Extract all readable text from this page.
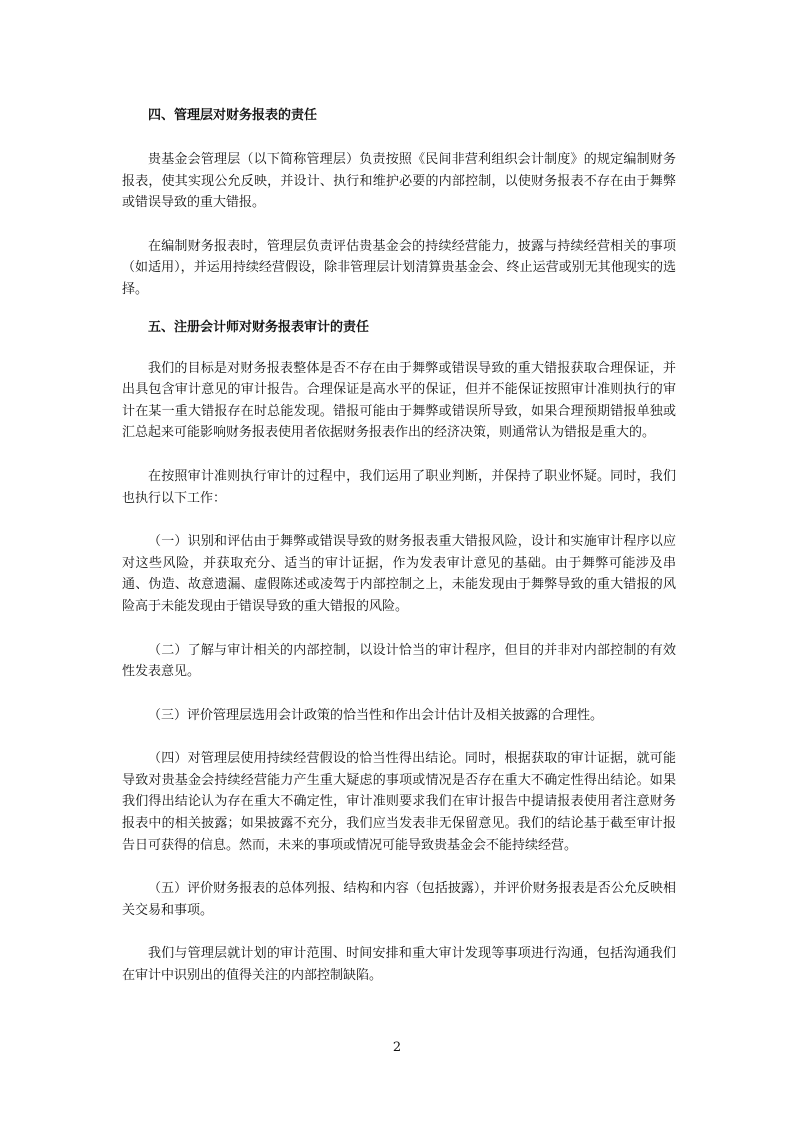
四、管理层对财务报表的责任

贵基金会管理层（以下简称管理层）负责按照《民间非营利组织会计制度》的规定编制财务报表，使其实现公允反映，并设计、执行和维护必要的内部控制，以使财务报表不存在由于舞弊或错误导致的重大错报。

在编制财务报表时，管理层负责评估贵基金会的持续经营能力，披露与持续经营相关的事项（如适用），并运用持续经营假设，除非管理层计划清算贵基金会、终止运营或别无其他现实的选择。

五、注册会计师对财务报表审计的责任

我们的目标是对财务报表整体是否不存在由于舞弊或错误导致的重大错报获取合理保证，并出具包含审计意见的审计报告。合理保证是高水平的保证，但并不能保证按照审计准则执行的审计在某一重大错报存在时总能发现。错报可能由于舞弊或错误所导致，如果合理预期错报单独或汇总起来可能影响财务报表使用者依据财务报表作出的经济决策，则通常认为错报是重大的。

在按照审计准则执行审计的过程中，我们运用了职业判断，并保持了职业怀疑。同时，我们也执行以下工作：

（一）识别和评估由于舞弊或错误导致的财务报表重大错报风险，设计和实施审计程序以应对这些风险，并获取充分、适当的审计证据，作为发表审计意见的基础。由于舞弊可能涉及串通、伪造、故意遗漏、虚假陈述或凌驾于内部控制之上，未能发现由于舞弊导致的重大错报的风险高于未能发现由于错误导致的重大错报的风险。

（二）了解与审计相关的内部控制，以设计恰当的审计程序，但目的并非对内部控制的有效性发表意见。

（三）评价管理层选用会计政策的恰当性和作出会计估计及相关披露的合理性。

（四）对管理层使用持续经营假设的恰当性得出结论。同时，根据获取的审计证据，就可能导致对贵基金会持续经营能力产生重大疑虑的事项或情况是否存在重大不确定性得出结论。如果我们得出结论认为存在重大不确定性，审计准则要求我们在审计报告中提请报表使用者注意财务报表中的相关披露；如果披露不充分，我们应当发表非无保留意见。我们的结论基于截至审计报告日可获得的信息。然而，未来的事项或情况可能导致贵基金会不能持续经营。

（五）评价财务报表的总体列报、结构和内容（包括披露），并评价财务报表是否公允反映相关交易和事项。

我们与管理层就计划的审计范围、时间安排和重大审计发现等事项进行沟通，包括沟通我们在审计中识别出的值得关注的内部控制缺陷。

2
